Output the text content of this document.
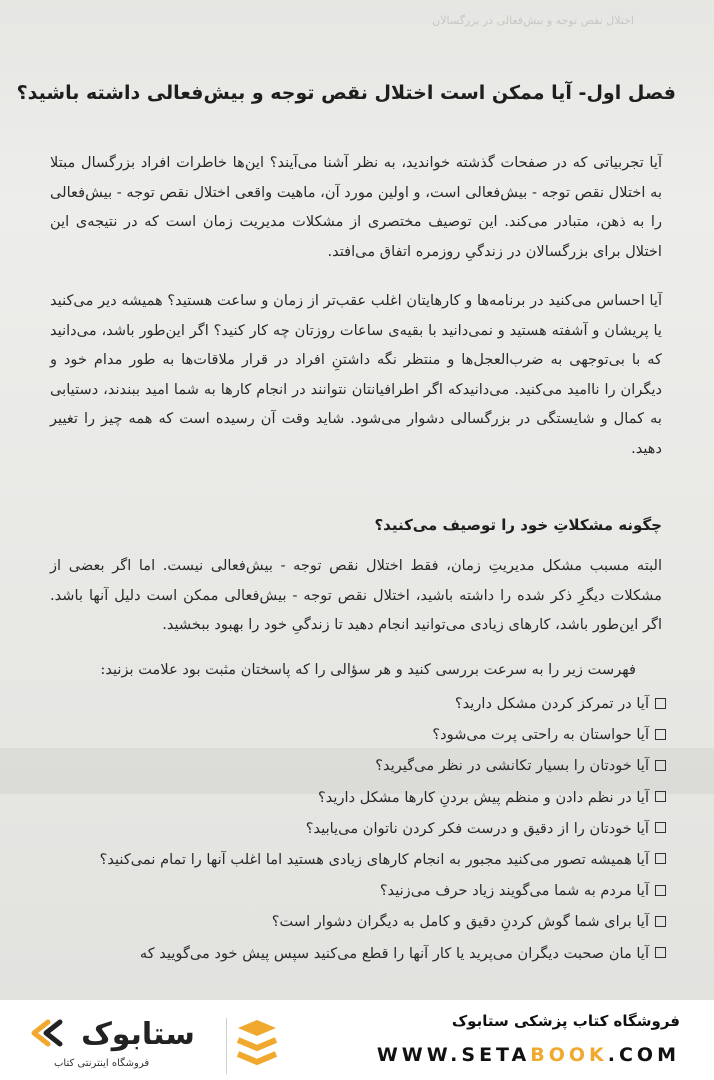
اختلال نقص توجه و بیش‌فعالی در بزرگسالان
فصل اول- آیا ممکن است اختلال نقص توجه و بیش‌فعالی داشته باشید؟
آیا تجربیاتی که در صفحات گذشته خواندید، به نظر آشنا می‌آیند؟ این‌ها خاطرات افراد بزرگسال مبتلا به اختلال نقص توجه - بیش‌فعالی است، و اولین مورد آن، ماهیت واقعی اختلال نقص توجه - بیش‌فعالی را به ذهن، متبادر می‌کند. این توصیف مختصری از مشکلات مدیریت زمان است که در نتیجه‌ی این اختلال برای بزرگسالان در زندگیِ روزمره اتفاق می‌افتد.
آیا احساس می‌کنید در برنامه‌ها و کارهایتان اغلب عقب‌تر از زمان و ساعت هستید؟ همیشه دیر می‌کنید یا پریشان و آشفته هستید و نمی‌دانید با بقیه‌ی ساعات روزتان چه کار کنید؟ اگر این‌طور باشد، می‌دانید که با بی‌توجهی به ضرب‌العجل‌ها و منتظر نگه داشتنِ افراد در قرار ملاقات‌ها به طور مدام خود و دیگران را ناامید می‌کنید. می‌دانیدکه اگر اطرافیانتان نتوانند در انجام کارها به شما امید ببندند، دستیابی به کمال و شایستگی در بزرگسالی دشوار می‌شود. شاید وقت آن رسیده است که همه چیز را تغییر دهید.
چگونه مشکلاتِ خود را توصیف می‌کنید؟
البته مسبب مشکل مدیریتِ زمان، فقط اختلال نقص توجه - بیش‌فعالی نیست. اما اگر بعضی از مشکلات دیگرِ ذکر شده را داشته باشید، اختلال نقص توجه - بیش‌فعالی ممکن است دلیل آنها باشد. اگر این‌طور باشد، کارهای زیادی می‌توانید انجام دهید تا زندگیِ خود را بهبود ببخشید.
فهرست زیر را به سرعت بررسی کنید و هر سؤالی را که پاسختان مثبت بود علامت بزنید:
آیا در تمرکز کردن مشکل دارید؟
آیا حواستان به راحتی پرت می‌شود؟
آیا خودتان را بسیار تکانشی در نظر می‌گیرید؟
آیا در نظم دادن و منظم پیش بردنِ کارها مشکل دارید؟
آیا خودتان را از دقیق و درست فکر کردن ناتوان می‌یابید؟
آیا همیشه تصور می‌کنید مجبور به انجام کارهای زیادی هستید اما اغلب آنها را تمام نمی‌کنید؟
آیا مردم به شما می‌گویند زیاد حرف می‌زنید؟
آیا برای شما گوش کردنِ دقیق و کامل به دیگران دشوار است؟
آیا مان صحبت دیگران می‌پرید یا کار آنها را قطع می‌کنید سپس پیش خود می‌گویید که
ستابوک
فروشگاه اینترنتی کتاب
فروشگاه کتاب پزشکی ستابوک
WWW.SETABOOK.COM
